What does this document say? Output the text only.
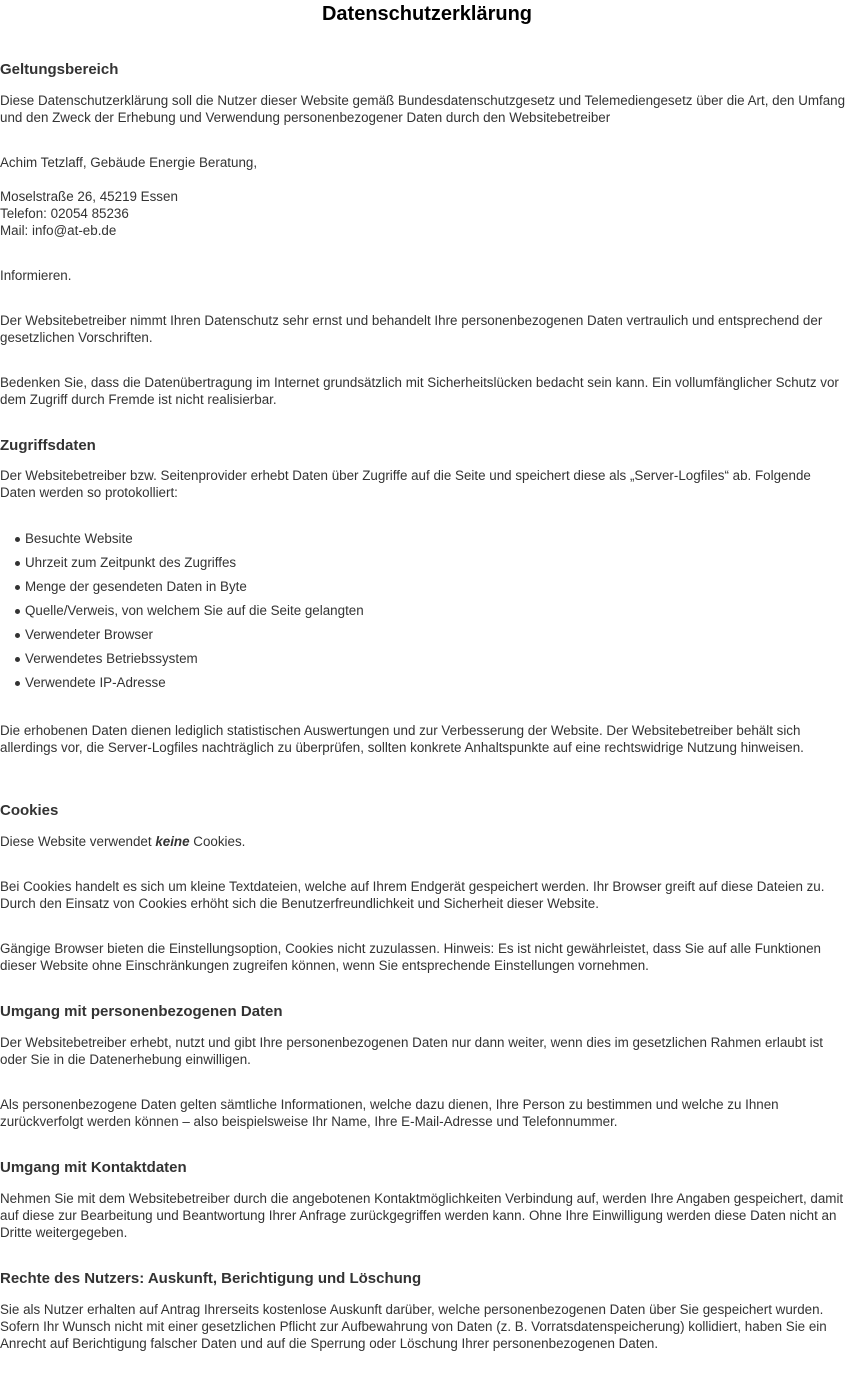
Datenschutzerklärung
Geltungsbereich

Diese Datenschutzerklärung soll die Nutzer dieser Website gemäß Bundesdatenschutzgesetz und Telemediengesetz über die Art, den Umfang und den Zweck der Erhebung und Verwendung personenbezogener Daten durch den Websitebetreiber

Achim Tetzlaff, Gebäude Energie Beratung,

Moselstraße 26, 45219 Essen

Telefon: 02054 85236

Mail: info@at-eb.de

Informieren.

Der Websitebetreiber nimmt Ihren Datenschutz sehr ernst und behandelt Ihre personenbezogenen Daten vertraulich und entsprechend der gesetzlichen Vorschriften.

Bedenken Sie, dass die Datenübertragung im Internet grundsätzlich mit Sicherheitslücken bedacht sein kann. Ein vollumfänglicher Schutz vor dem Zugriff durch Fremde ist nicht realisierbar.

Zugriffsdaten

Der Websitebetreiber bzw. Seitenprovider erhebt Daten über Zugriffe auf die Seite und speichert diese als „Server-Logfiles“ ab. Folgende Daten werden so protokolliert:

Besuchte Website
Uhrzeit zum Zeitpunkt des Zugriffes
Menge der gesendeten Daten in Byte
Quelle/Verweis, von welchem Sie auf die Seite gelangten
Verwendeter Browser
Verwendetes Betriebssystem
Verwendete IP-Adresse

Die erhobenen Daten dienen lediglich statistischen Auswertungen und zur Verbesserung der Website. Der Websitebetreiber behält sich allerdings vor, die Server-Logfiles nachträglich zu überprüfen, sollten konkrete Anhaltspunkte auf eine rechtswidrige Nutzung hinweisen.

Cookies

Diese Website verwendet keine Cookies.

Bei Cookies handelt es sich um kleine Textdateien, welche auf Ihrem Endgerät gespeichert werden. Ihr Browser greift auf diese Dateien zu. Durch den Einsatz von Cookies erhöht sich die Benutzerfreundlichkeit und Sicherheit dieser Website.

Gängige Browser bieten die Einstellungsoption, Cookies nicht zuzulassen. Hinweis: Es ist nicht gewährleistet, dass Sie auf alle Funktionen dieser Website ohne Einschränkungen zugreifen können, wenn Sie entsprechende Einstellungen vornehmen.

Umgang mit personenbezogenen Daten

Der Websitebetreiber erhebt, nutzt und gibt Ihre personenbezogenen Daten nur dann weiter, wenn dies im gesetzlichen Rahmen erlaubt ist oder Sie in die Datenerhebung einwilligen.

Als personenbezogene Daten gelten sämtliche Informationen, welche dazu dienen, Ihre Person zu bestimmen und welche zu Ihnen zurückverfolgt werden können – also beispielsweise Ihr Name, Ihre E-Mail-Adresse und Telefonnummer.

Umgang mit Kontaktdaten

Nehmen Sie mit dem Websitebetreiber durch die angebotenen Kontaktmöglichkeiten Verbindung auf, werden Ihre Angaben gespeichert, damit auf diese zur Bearbeitung und Beantwortung Ihrer Anfrage zurückgegriffen werden kann. Ohne Ihre Einwilligung werden diese Daten nicht an Dritte weitergegeben.

Rechte des Nutzers: Auskunft, Berichtigung und Löschung

Sie als Nutzer erhalten auf Antrag Ihrerseits kostenlose Auskunft darüber, welche personenbezogenen Daten über Sie gespeichert wurden. Sofern Ihr Wunsch nicht mit einer gesetzlichen Pflicht zur Aufbewahrung von Daten (z. B. Vorratsdatenspeicherung) kollidiert, haben Sie ein Anrecht auf Berichtigung falscher Daten und auf die Sperrung oder Löschung Ihrer personenbezogenen Daten.
